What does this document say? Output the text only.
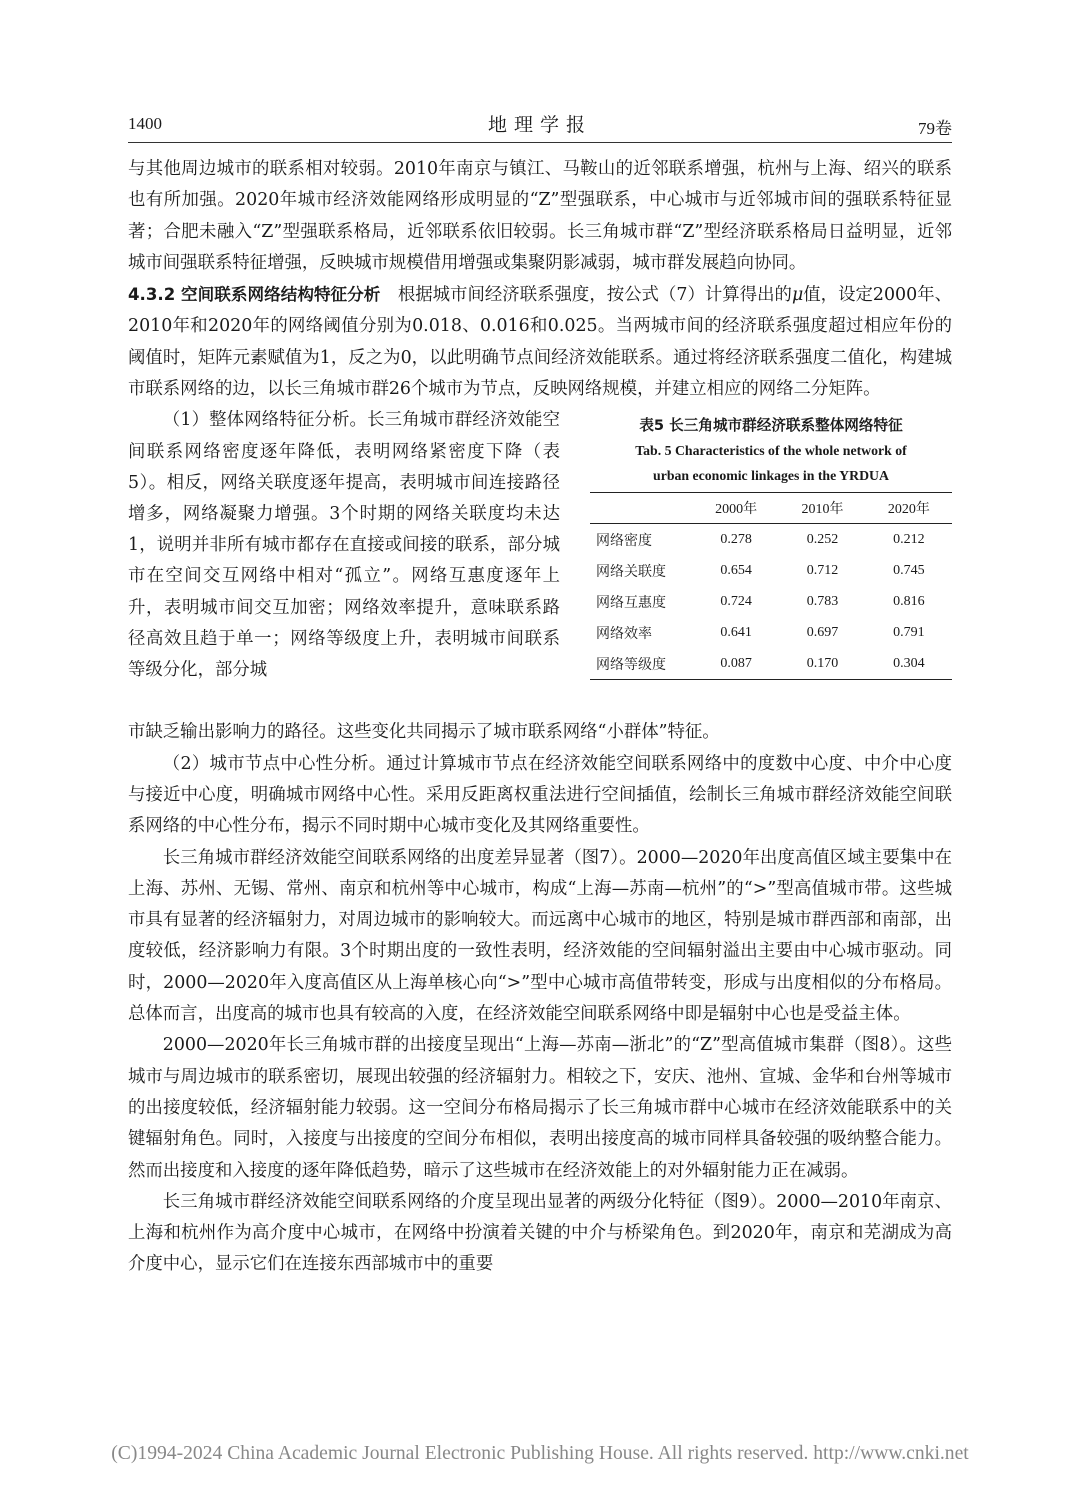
1400	地理学报	79卷

与其他周边城市的联系相对较弱。2010年南京与镇江、马鞍山的近邻联系增强，杭州与上海、绍兴的联系也有所加强。2020年城市经济效能网络形成明显的“Z”型强联系，中心城市与近邻城市间的强联系特征显著；合肥未融入“Z”型强联系格局，近邻联系依旧较弱。长三角城市群“Z”型经济联系格局日益明显，近邻城市间强联系特征增强，反映城市规模借用增强或集聚阴影减弱，城市群发展趋向协同。

4.3.2 空间联系网络结构特征分析  根据城市间经济联系强度，按公式（7）计算得出的μ值，设定2000年、2010年和2020年的网络阈值分别为0.018、0.016和0.025。当两城市间的经济联系强度超过相应年份的阈值时，矩阵元素赋值为1，反之为0，以此明确节点间经济效能联系。通过将经济联系强度二值化，构建城市联系网络的边，以长三角城市群26个城市为节点，反映网络规模，并建立相应的网络二分矩阵。

（1）整体网络特征分析。长三角城市群经济效能空间联系网络密度逐年降低，表明网络紧密度下降（表5）。相反，网络关联度逐年提高，表明城市间连接路径增多，网络凝聚力增强。3个时期的网络关联度均未达1，说明并非所有城市都存在直接或间接的联系，部分城市在空间交互网络中相对“孤立”。网络互惠度逐年上升，表明城市间交互加密；网络效率提升，意味联系路径高效且趋于单一；网络等级度上升，表明城市间联系等级分化，部分城

表5 长三角城市群经济联系整体网络特征
Tab. 5 Characteristics of the whole network of
urban economic linkages in the YRDUA
	2000年	2010年	2020年
网络密度	0.278	0.252	0.212
网络关联度	0.654	0.712	0.745
网络互惠度	0.724	0.783	0.816
网络效率	0.641	0.697	0.791
网络等级度	0.087	0.170	0.304

市缺乏输出影响力的路径。这些变化共同揭示了城市联系网络“小群体”特征。

（2）城市节点中心性分析。通过计算城市节点在经济效能空间联系网络中的度数中心度、中介中心度与接近中心度，明确城市网络中心性。采用反距离权重法进行空间插值，绘制长三角城市群经济效能空间联系网络的中心性分布，揭示不同时期中心城市变化及其网络重要性。

长三角城市群经济效能空间联系网络的出度差异显著（图7）。2000—2020年出度高值区域主要集中在上海、苏州、无锡、常州、南京和杭州等中心城市，构成“上海—苏南—杭州”的“>”型高值城市带。这些城市具有显著的经济辐射力，对周边城市的影响较大。而远离中心城市的地区，特别是城市群西部和南部，出度较低，经济影响力有限。3个时期出度的一致性表明，经济效能的空间辐射溢出主要由中心城市驱动。同时，2000—2020年入度高值区从上海单核心向“>”型中心城市高值带转变，形成与出度相似的分布格局。总体而言，出度高的城市也具有较高的入度，在经济效能空间联系网络中即是辐射中心也是受益主体。

2000—2020年长三角城市群的出接度呈现出“上海—苏南—浙北”的“Z”型高值城市集群（图8）。这些城市与周边城市的联系密切，展现出较强的经济辐射力。相较之下，安庆、池州、宣城、金华和台州等城市的出接度较低，经济辐射能力较弱。这一空间分布格局揭示了长三角城市群中心城市在经济效能联系中的关键辐射角色。同时，入接度与出接度的空间分布相似，表明出接度高的城市同样具备较强的吸纳整合能力。然而出接度和入接度的逐年降低趋势，暗示了这些城市在经济效能上的对外辐射能力正在减弱。

长三角城市群经济效能空间联系网络的介度呈现出显著的两级分化特征（图9）。2000—2010年南京、上海和杭州作为高介度中心城市，在网络中扮演着关键的中介与桥梁角色。到2020年，南京和芜湖成为高介度中心，显示它们在连接东西部城市中的重要

(C)1994-2024 China Academic Journal Electronic Publishing House. All rights reserved. http://www.cnki.net
